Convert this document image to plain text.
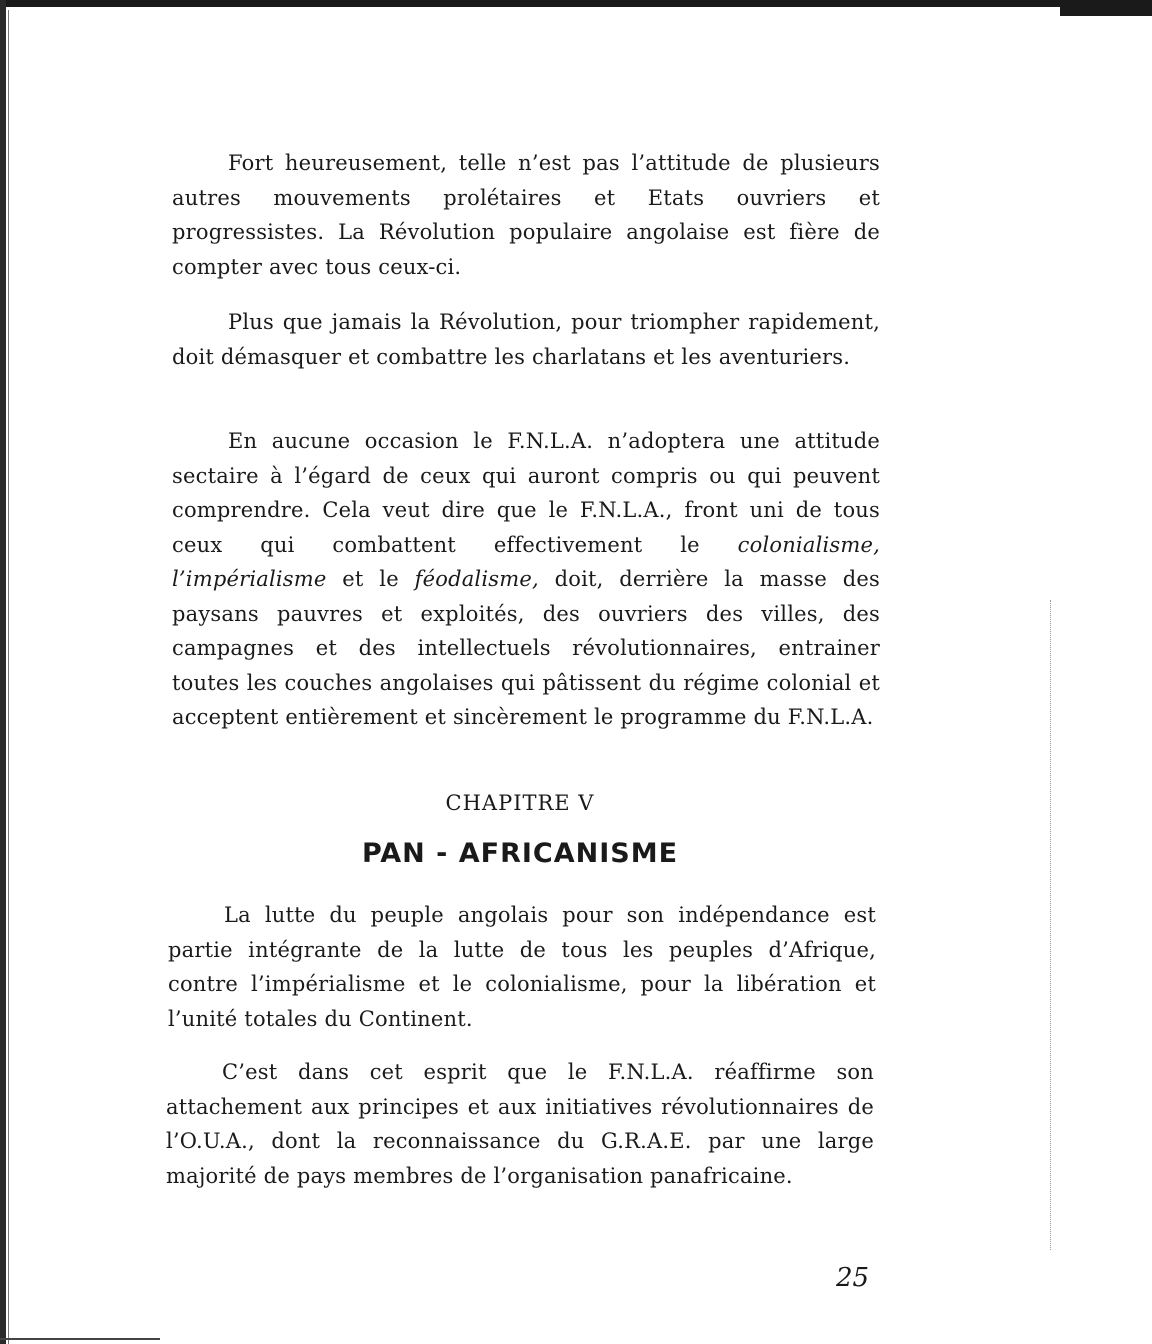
Fort heureusement, telle n’est pas l’attitude de plusieurs autres mouvements prolétaires et Etats ouvriers et progressistes. La Révolution populaire angolaise est fière de compter avec tous ceux-ci.

Plus que jamais la Révolution, pour triompher rapidement, doit démasquer et combattre les charlatans et les aventuriers.

En aucune occasion le F.N.L.A. n’adoptera une attitude sectaire à l’égard de ceux qui auront compris ou qui peuvent comprendre. Cela veut dire que le F.N.L.A., front uni de tous ceux qui combattent effectivement le colonialisme, l’impérialisme et le féodalisme, doit, derrière la masse des paysans pauvres et exploités, des ouvriers des villes, des campagnes et des intellectuels révolutionnaires, entrainer toutes les couches angolaises qui pâtissent du régime colonial et acceptent entièrement et sincèrement le programme du F.N.L.A.

CHAPITRE V
PAN - AFRICANISME

La lutte du peuple angolais pour son indépendance est partie intégrante de la lutte de tous les peuples d’Afrique, contre l’impérialisme et le colonialisme, pour la libération et l’unité totales du Continent.

C’est dans cet esprit que le F.N.L.A. réaffirme son attachement aux principes et aux initiatives révolutionnaires de l’O.U.A., dont la reconnaissance du G.R.A.E. par une large majorité de pays membres de l’organisation panafricaine.

25
